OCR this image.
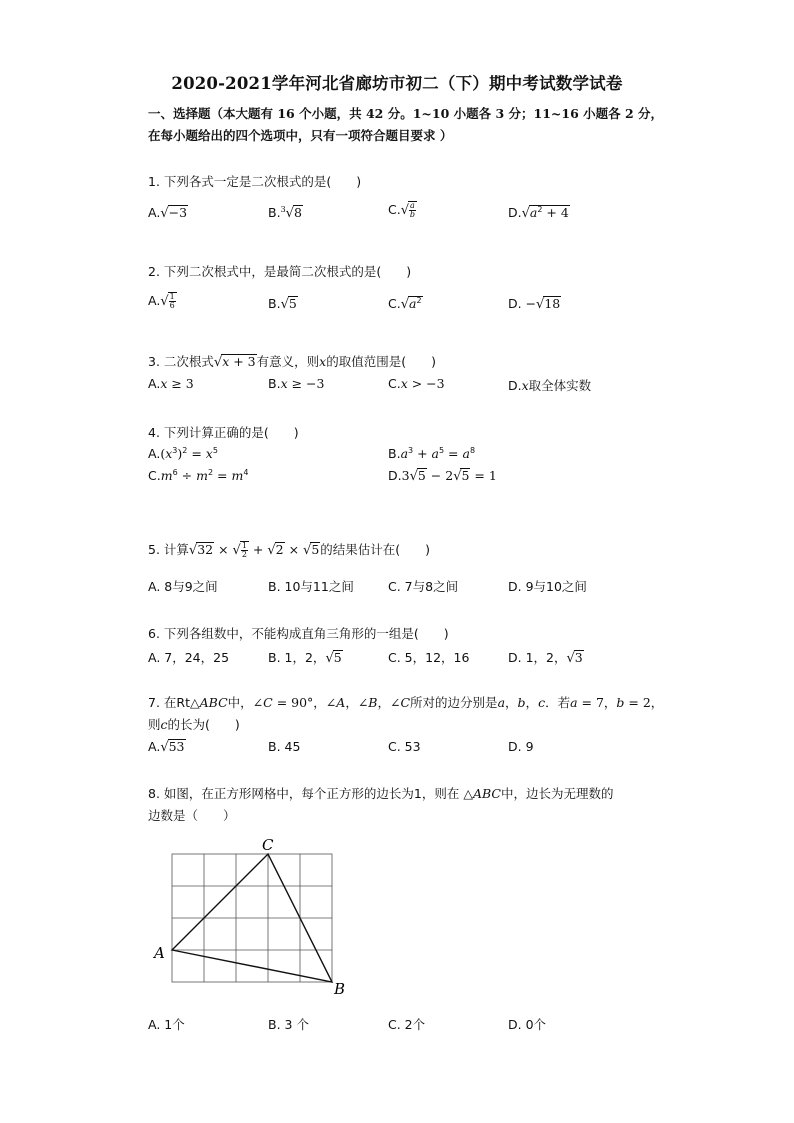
2020-2021学年河北省廊坊市初二（下）期中考试数学试卷
一、选择题（本大题有 16 个小题，共 42 分。1~10 小题各 3 分；11~16 小题各 2 分，
在每小题给出的四个选项中，只有一项符合题目要求 ）
1. 下列各式一定是二次根式的是(　　)
A.√−3	B.$^3$√8	$C.√ \frac{a}{b}$	$D.√a^2 + 4$
2. 下列二次根式中，是最简二次根式的是(　　)
$A.√ \frac{1}{6}$	B.√5	$C.√a^2$	D. −√18
3. 二次根式√x + 3有意义，则x的取值范围是(　　)
A.x ≥ 3	B.x ≥ −3	C.x > −3	D.x取全体实数
4. 下列计算正确的是(　　)
$A.(x^3)^2 = x^5$	$B.a^3 + a^5 = a^8$
$C.m^6 \div m^2 = m^4$	D.3√5 − 2√5 = 1
5. 计算√32 × √ $\frac{1}{2} + √2 \times √5$的结果估计在(　　)
A. 8与9之间	B. 10与11之间	C. 7与8之间	D. 9与10之间
6. 下列各组数中，不能构成直角三角形的一组是(　　)
A. 7，24，25	B. 1，2，√5	C. 5，12，16	D. 1，2，√3
7. 在Rt△ABC中，∠C = 90°，∠A，∠B，∠C所对的边分别是a，b，c．若a = 7，b = 2，
则c的长为(　　)
A.√53	B. 45	C. 53	D. 9
8. 如图，在正方形网格中，每个正方形的边长为1，则在 △ABC中，边长为无理数的
边数是（　　）
A
C
B
A. 1个	B. 3 个	C. 2个	D. 0个
